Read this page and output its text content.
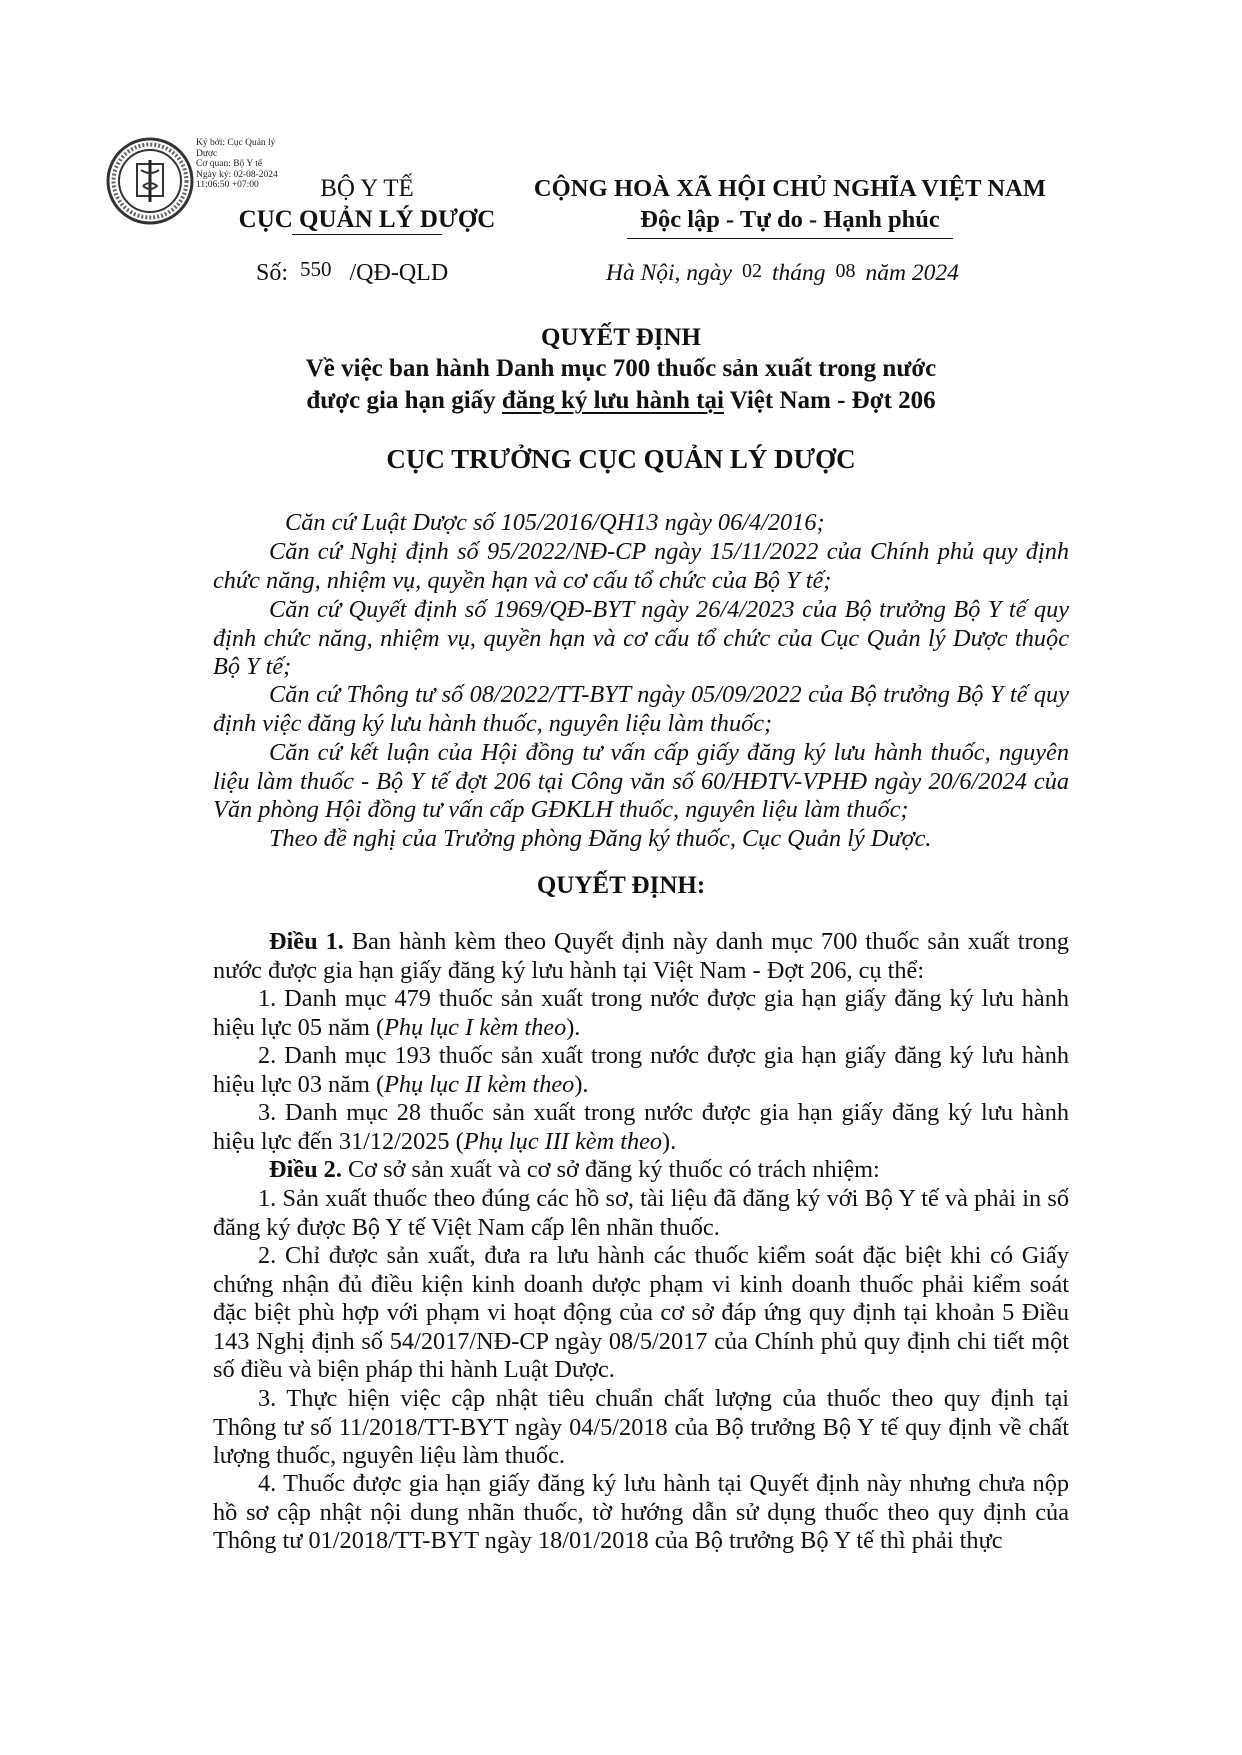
Ký bởi: Cục Quản lý Dược
Cơ quan: Bộ Y tế
Ngày ký: 02-08-2024 11:06:50 +07:00	BỘ Y TẾ
CỤC QUẢN LÝ DƯỢC
CỘNG HOÀ XÃ HỘI CHỦ NGHĨA VIỆT NAM
Độc lập - Tự do - Hạnh phúc
Số: 550 /QĐ-QLD	Hà Nội, ngày 02 tháng 08 năm 2024
QUYẾT ĐỊNH
Về việc ban hành Danh mục 700 thuốc sản xuất trong nước
được gia hạn giấy đăng ký lưu hành tại Việt Nam - Đợt 206
CỤC TRƯỞNG CỤC QUẢN LÝ DƯỢC
Căn cứ Luật Dược số 105/2016/QH13 ngày 06/4/2016;
Căn cứ Nghị định số 95/2022/NĐ-CP ngày 15/11/2022 của Chính phủ quy định chức năng, nhiệm vụ, quyền hạn và cơ cấu tổ chức của Bộ Y tế;
Căn cứ Quyết định số 1969/QĐ-BYT ngày 26/4/2023 của Bộ trưởng Bộ Y tế quy định chức năng, nhiệm vụ, quyền hạn và cơ cấu tổ chức của Cục Quản lý Dược thuộc Bộ Y tế;
Căn cứ Thông tư số 08/2022/TT-BYT ngày 05/09/2022 của Bộ trưởng Bộ Y tế quy định việc đăng ký lưu hành thuốc, nguyên liệu làm thuốc;
Căn cứ kết luận của Hội đồng tư vấn cấp giấy đăng ký lưu hành thuốc, nguyên liệu làm thuốc - Bộ Y tế đợt 206 tại Công văn số 60/HĐTV-VPHĐ ngày 20/6/2024 của Văn phòng Hội đồng tư vấn cấp GĐKLH thuốc, nguyên liệu làm thuốc;
Theo đề nghị của Trưởng phòng Đăng ký thuốc, Cục Quản lý Dược.
QUYẾT ĐỊNH:
Điều 1. Ban hành kèm theo Quyết định này danh mục 700 thuốc sản xuất trong nước được gia hạn giấy đăng ký lưu hành tại Việt Nam - Đợt 206, cụ thể:
1. Danh mục 479 thuốc sản xuất trong nước được gia hạn giấy đăng ký lưu hành hiệu lực 05 năm (Phụ lục I kèm theo).
2. Danh mục 193 thuốc sản xuất trong nước được gia hạn giấy đăng ký lưu hành hiệu lực 03 năm (Phụ lục II kèm theo).
3. Danh mục 28 thuốc sản xuất trong nước được gia hạn giấy đăng ký lưu hành hiệu lực đến 31/12/2025 (Phụ lục III kèm theo).
Điều 2. Cơ sở sản xuất và cơ sở đăng ký thuốc có trách nhiệm:
1. Sản xuất thuốc theo đúng các hồ sơ, tài liệu đã đăng ký với Bộ Y tế và phải in số đăng ký được Bộ Y tế Việt Nam cấp lên nhãn thuốc.
2. Chỉ được sản xuất, đưa ra lưu hành các thuốc kiểm soát đặc biệt khi có Giấy chứng nhận đủ điều kiện kinh doanh dược phạm vi kinh doanh thuốc phải kiểm soát đặc biệt phù hợp với phạm vi hoạt động của cơ sở đáp ứng quy định tại khoản 5 Điều 143 Nghị định số 54/2017/NĐ-CP ngày 08/5/2017 của Chính phủ quy định chi tiết một số điều và biện pháp thi hành Luật Dược.
3. Thực hiện việc cập nhật tiêu chuẩn chất lượng của thuốc theo quy định tại Thông tư số 11/2018/TT-BYT ngày 04/5/2018 của Bộ trưởng Bộ Y tế quy định về chất lượng thuốc, nguyên liệu làm thuốc.
4. Thuốc được gia hạn giấy đăng ký lưu hành tại Quyết định này nhưng chưa nộp hồ sơ cập nhật nội dung nhãn thuốc, tờ hướng dẫn sử dụng thuốc theo quy định của Thông tư 01/2018/TT-BYT ngày 18/01/2018 của Bộ trưởng Bộ Y tế thì phải thực
